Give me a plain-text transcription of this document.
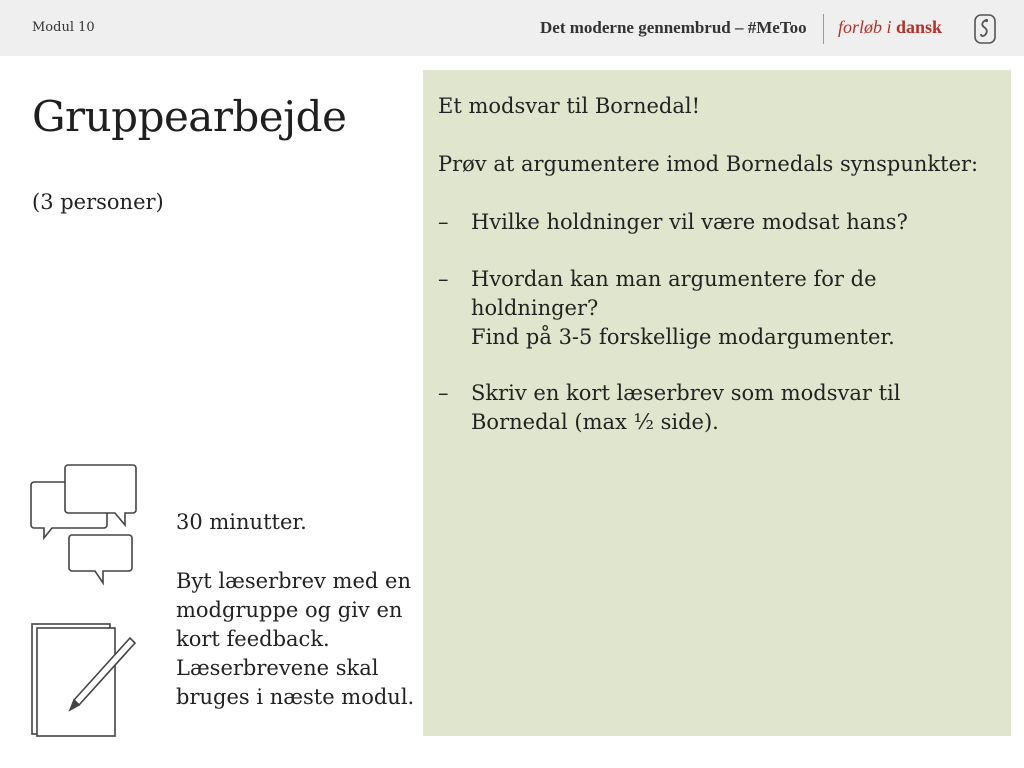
Modul 10	Det moderne gennembrud – #MeToo forløb i dansk
Gruppearbejde
(3 personer)
30 minutter.
Byt læserbrev med en modgruppe og giv en kort feedback. Læserbrevene skal bruges i næste modul.
Et modsvar til Bornedal!
Prøv at argumentere imod Bornedals synspunkter:
– Hvilke holdninger vil være modsat hans?
– Hvordan kan man argumentere for de holdninger?
Find på 3-5 forskellige modargumenter.
– Skriv en kort læserbrev som modsvar til Bornedal (max ½ side).
